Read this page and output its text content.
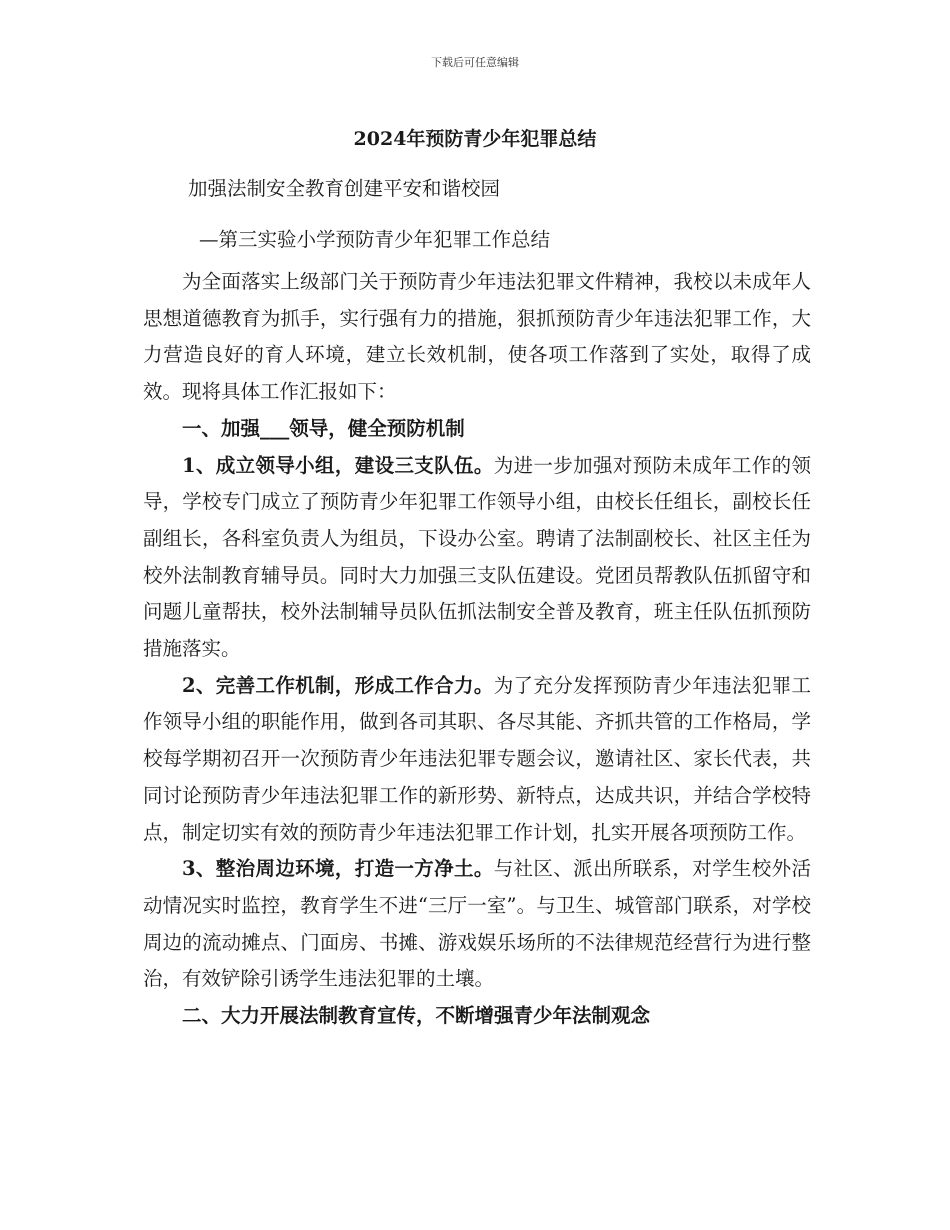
下载后可任意编辑
2024年预防青少年犯罪总结
加强法制安全教育创建平安和谐校园
—第三实验小学预防青少年犯罪工作总结

为全面落实上级部门关于预防青少年违法犯罪文件精神，我校以未成年人思想道德教育为抓手，实行强有力的措施，狠抓预防青少年违法犯罪工作，大力营造良好的育人环境，建立长效机制，使各项工作落到了实处，取得了成效。现将具体工作汇报如下：

一、加强___领导，健全预防机制

1、成立领导小组，建设三支队伍。为进一步加强对预防未成年工作的领导，学校专门成立了预防青少年犯罪工作领导小组，由校长任组长，副校长任副组长，各科室负责人为组员，下设办公室。聘请了法制副校长、社区主任为校外法制教育辅导员。同时大力加强三支队伍建设。党团员帮教队伍抓留守和问题儿童帮扶，校外法制辅导员队伍抓法制安全普及教育，班主任队伍抓预防措施落实。

2、完善工作机制，形成工作合力。为了充分发挥预防青少年违法犯罪工作领导小组的职能作用，做到各司其职、各尽其能、齐抓共管的工作格局，学校每学期初召开一次预防青少年违法犯罪专题会议，邀请社区、家长代表，共同讨论预防青少年违法犯罪工作的新形势、新特点，达成共识，并结合学校特点，制定切实有效的预防青少年违法犯罪工作计划，扎实开展各项预防工作。

3、整治周边环境，打造一方净土。与社区、派出所联系，对学生校外活动情况实时监控，教育学生不进“三厅一室”。与卫生、城管部门联系，对学校周边的流动摊点、门面房、书摊、游戏娱乐场所的不法律规范经营行为进行整治，有效铲除引诱学生违法犯罪的土壤。

二、大力开展法制教育宣传，不断增强青少年法制观念
